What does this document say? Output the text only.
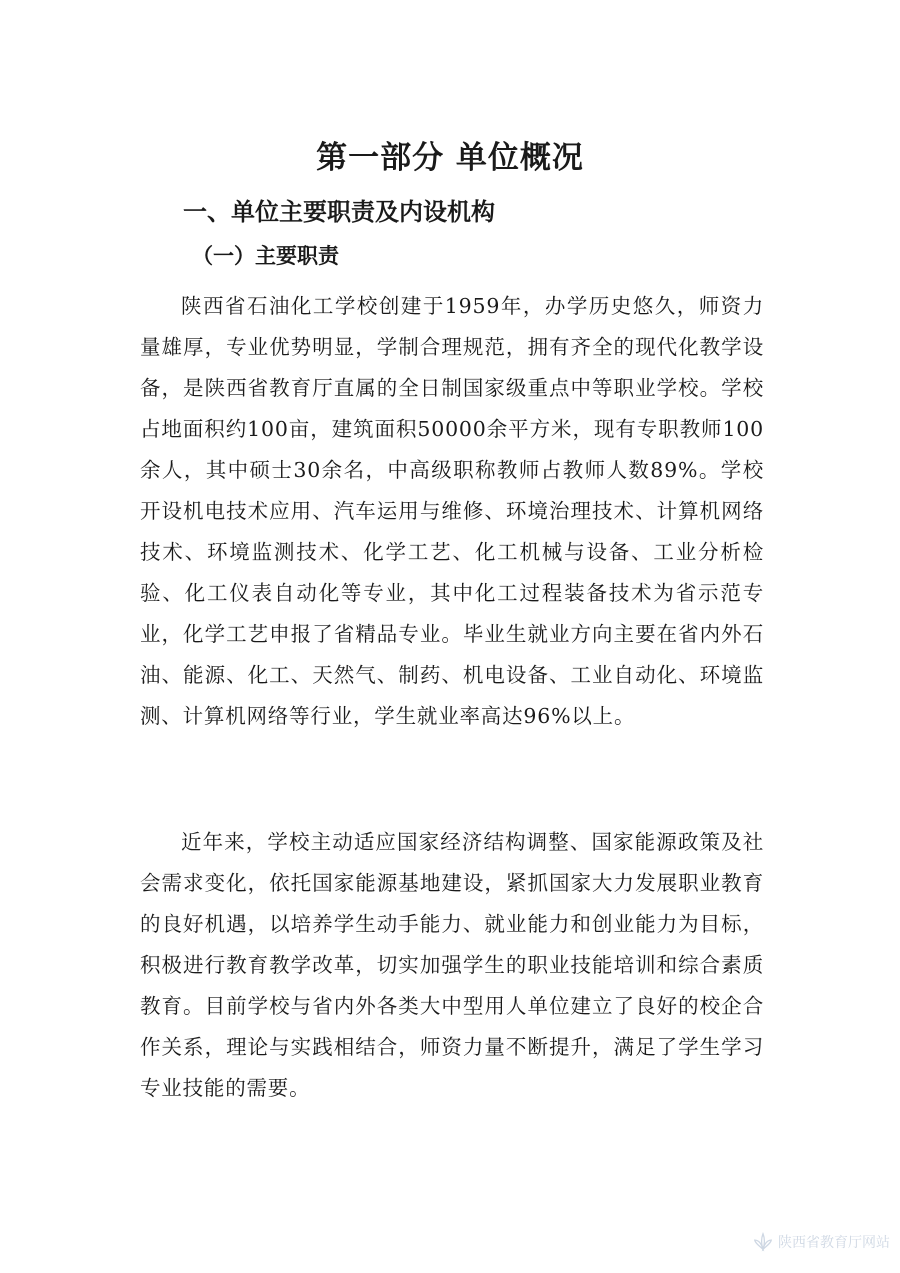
第一部分 单位概况
一、单位主要职责及内设机构
（一）主要职责

陕西省石油化工学校创建于1959年，办学历史悠久，师资力量雄厚，专业优势明显，学制合理规范，拥有齐全的现代化教学设备，是陕西省教育厅直属的全日制国家级重点中等职业学校。学校占地面积约100亩，建筑面积50000余平方米，现有专职教师100余人，其中硕士30余名，中高级职称教师占教师人数89%。学校开设机电技术应用、汽车运用与维修、环境治理技术、计算机网络技术、环境监测技术、化学工艺、化工机械与设备、工业分析检验、化工仪表自动化等专业，其中化工过程装备技术为省示范专业，化学工艺申报了省精品专业。毕业生就业方向主要在省内外石油、能源、化工、天然气、制药、机电设备、工业自动化、环境监测、计算机网络等行业，学生就业率高达96%以上。

近年来，学校主动适应国家经济结构调整、国家能源政策及社会需求变化，依托国家能源基地建设，紧抓国家大力发展职业教育的良好机遇，以培养学生动手能力、就业能力和创业能力为目标，积极进行教育教学改革，切实加强学生的职业技能培训和综合素质教育。目前学校与省内外各类大中型用人单位建立了良好的校企合作关系，理论与实践相结合，师资力量不断提升，满足了学生学习专业技能的需要。

陕西省教育厅网站
